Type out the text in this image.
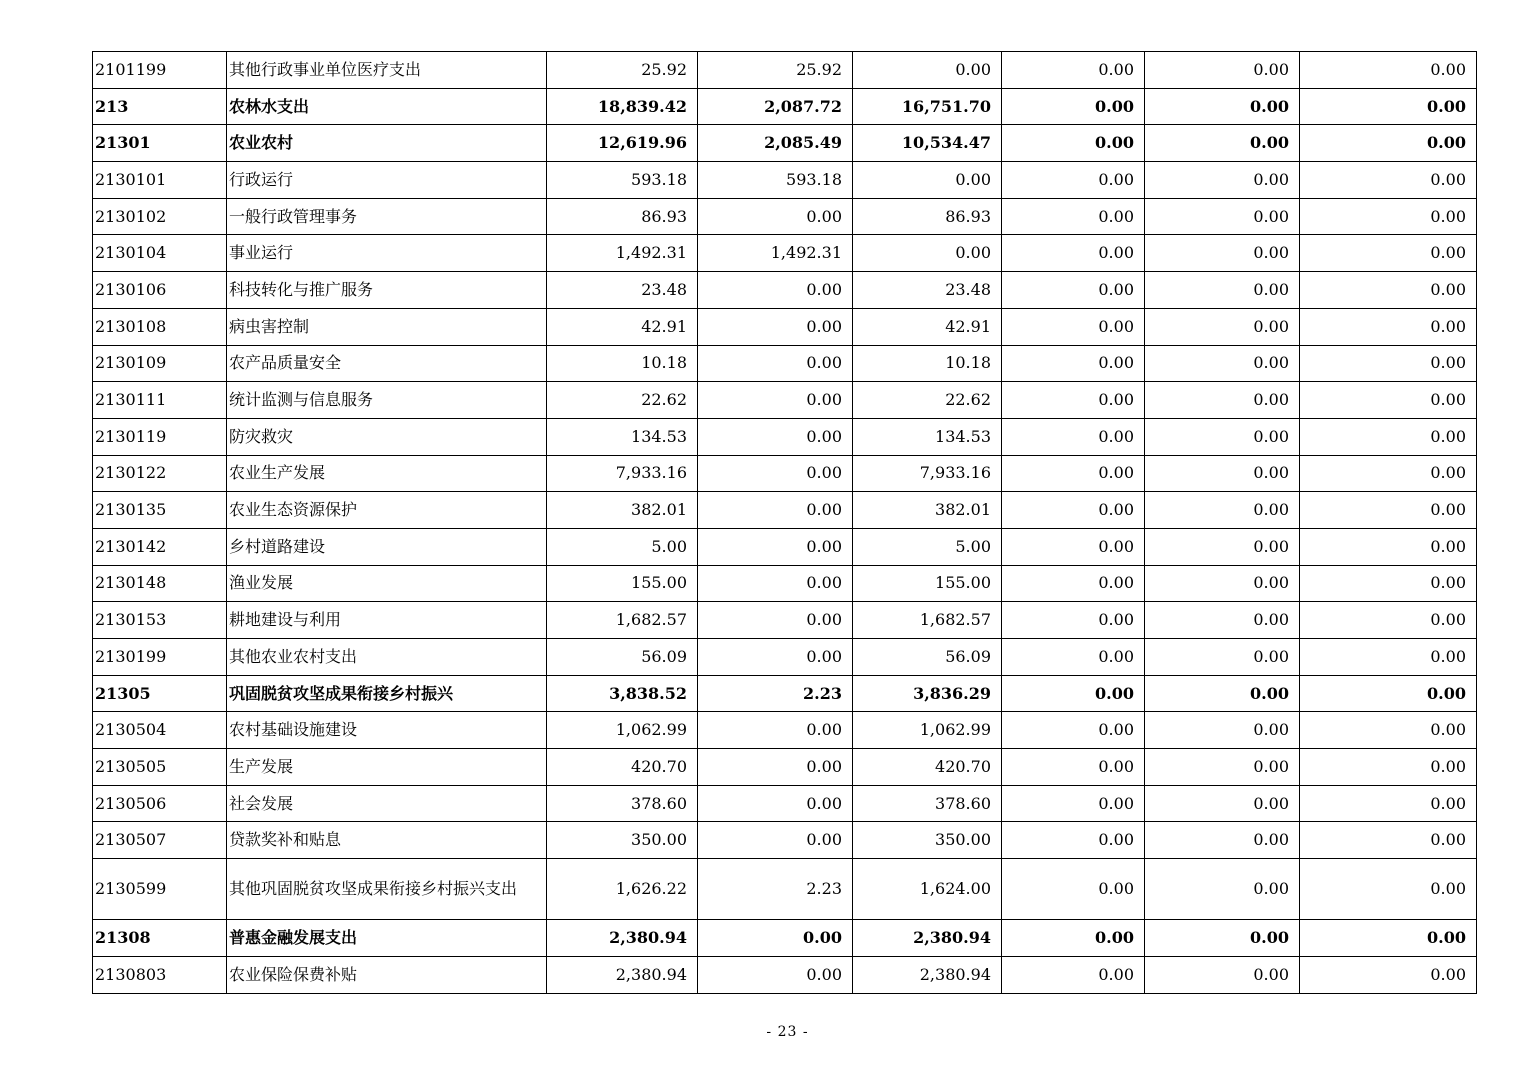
2101199	其他行政事业单位医疗支出	25.92	25.92	0.00	0.00	0.00	0.00
213	农林水支出	18,839.42	2,087.72	16,751.70	0.00	0.00	0.00
21301	农业农村	12,619.96	2,085.49	10,534.47	0.00	0.00	0.00
2130101	行政运行	593.18	593.18	0.00	0.00	0.00	0.00
2130102	一般行政管理事务	86.93	0.00	86.93	0.00	0.00	0.00
2130104	事业运行	1,492.31	1,492.31	0.00	0.00	0.00	0.00
2130106	科技转化与推广服务	23.48	0.00	23.48	0.00	0.00	0.00
2130108	病虫害控制	42.91	0.00	42.91	0.00	0.00	0.00
2130109	农产品质量安全	10.18	0.00	10.18	0.00	0.00	0.00
2130111	统计监测与信息服务	22.62	0.00	22.62	0.00	0.00	0.00
2130119	防灾救灾	134.53	0.00	134.53	0.00	0.00	0.00
2130122	农业生产发展	7,933.16	0.00	7,933.16	0.00	0.00	0.00
2130135	农业生态资源保护	382.01	0.00	382.01	0.00	0.00	0.00
2130142	乡村道路建设	5.00	0.00	5.00	0.00	0.00	0.00
2130148	渔业发展	155.00	0.00	155.00	0.00	0.00	0.00
2130153	耕地建设与利用	1,682.57	0.00	1,682.57	0.00	0.00	0.00
2130199	其他农业农村支出	56.09	0.00	56.09	0.00	0.00	0.00
21305	巩固脱贫攻坚成果衔接乡村振兴	3,838.52	2.23	3,836.29	0.00	0.00	0.00
2130504	农村基础设施建设	1,062.99	0.00	1,062.99	0.00	0.00	0.00
2130505	生产发展	420.70	0.00	420.70	0.00	0.00	0.00
2130506	社会发展	378.60	0.00	378.60	0.00	0.00	0.00
2130507	贷款奖补和贴息	350.00	0.00	350.00	0.00	0.00	0.00
2130599	其他巩固脱贫攻坚成果衔接乡村振兴支出	1,626.22	2.23	1,624.00	0.00	0.00	0.00
21308	普惠金融发展支出	2,380.94	0.00	2,380.94	0.00	0.00	0.00
2130803	农业保险保费补贴	2,380.94	0.00	2,380.94	0.00	0.00	0.00
- 23 -
